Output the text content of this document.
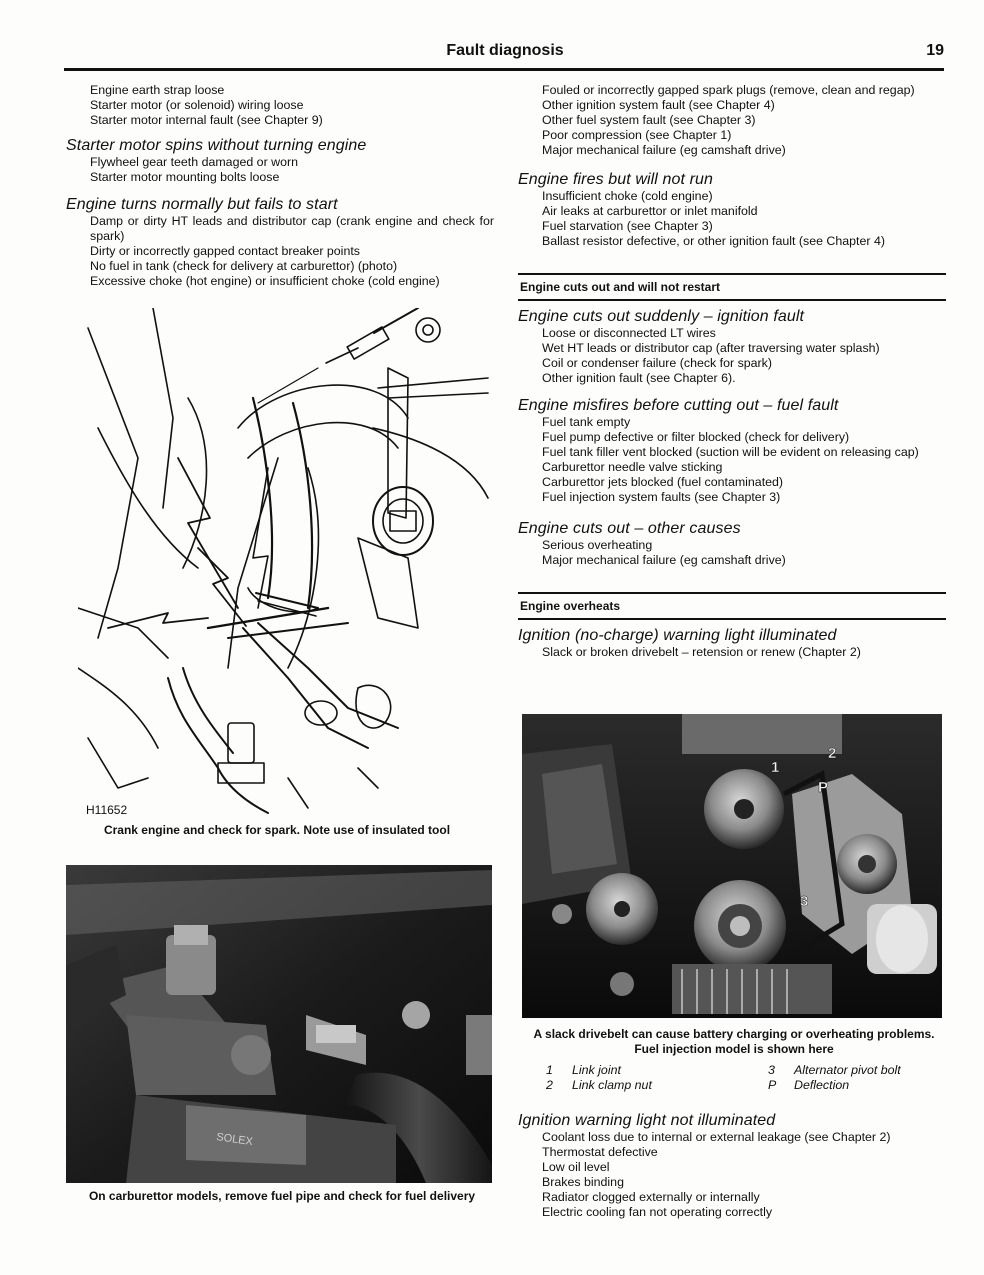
Fault diagnosis	19
Engine earth strap loose
Starter motor (or solenoid) wiring loose
Starter motor internal fault (see Chapter 9)
Starter motor spins without turning engine
Flywheel gear teeth damaged or worn
Starter motor mounting bolts loose
Engine turns normally but fails to start
Damp or dirty HT leads and distributor cap (crank engine and check for spark)
Dirty or incorrectly gapped contact breaker points
No fuel in tank (check for delivery at carburettor) (photo)
Excessive choke (hot engine) or insufficient choke (cold engine)
H11652
Crank engine and check for spark. Note use of insulated tool
SOLEX
On carburettor models, remove fuel pipe and check for fuel delivery
Fouled or incorrectly gapped spark plugs (remove, clean and regap)
Other ignition system fault (see Chapter 4)
Other fuel system fault (see Chapter 3)
Poor compression (see Chapter 1)
Major mechanical failure (eg camshaft drive)
Engine fires but will not run
Insufficient choke (cold engine)
Air leaks at carburettor or inlet manifold
Fuel starvation (see Chapter 3)
Ballast resistor defective, or other ignition fault (see Chapter 4)
Engine cuts out and will not restart
Engine cuts out suddenly – ignition fault
Loose or disconnected LT wires
Wet HT leads or distributor cap (after traversing water splash)
Coil or condenser failure (check for spark)
Other ignition fault (see Chapter 6).
Engine misfires before cutting out – fuel fault
Fuel tank empty
Fuel pump defective or filter blocked (check for delivery)
Fuel tank filler vent blocked (suction will be evident on releasing cap)
Carburettor needle valve sticking
Carburettor jets blocked (fuel contaminated)
Fuel injection system faults (see Chapter 3)
Engine cuts out – other causes
Serious overheating
Major mechanical failure (eg camshaft drive)
Engine overheats
Ignition (no-charge) warning light illuminated
Slack or broken drivebelt – retension or renew (Chapter 2)
1
2
3
P
A slack drivebelt can cause battery charging or overheating problems. Fuel injection model is shown here
1 Link joint
2 Link clamp nut
3 Alternator pivot bolt
P Deflection
Ignition warning light not illuminated
Coolant loss due to internal or external leakage (see Chapter 2)
Thermostat defective
Low oil level
Brakes binding
Radiator clogged externally or internally
Electric cooling fan not operating correctly
